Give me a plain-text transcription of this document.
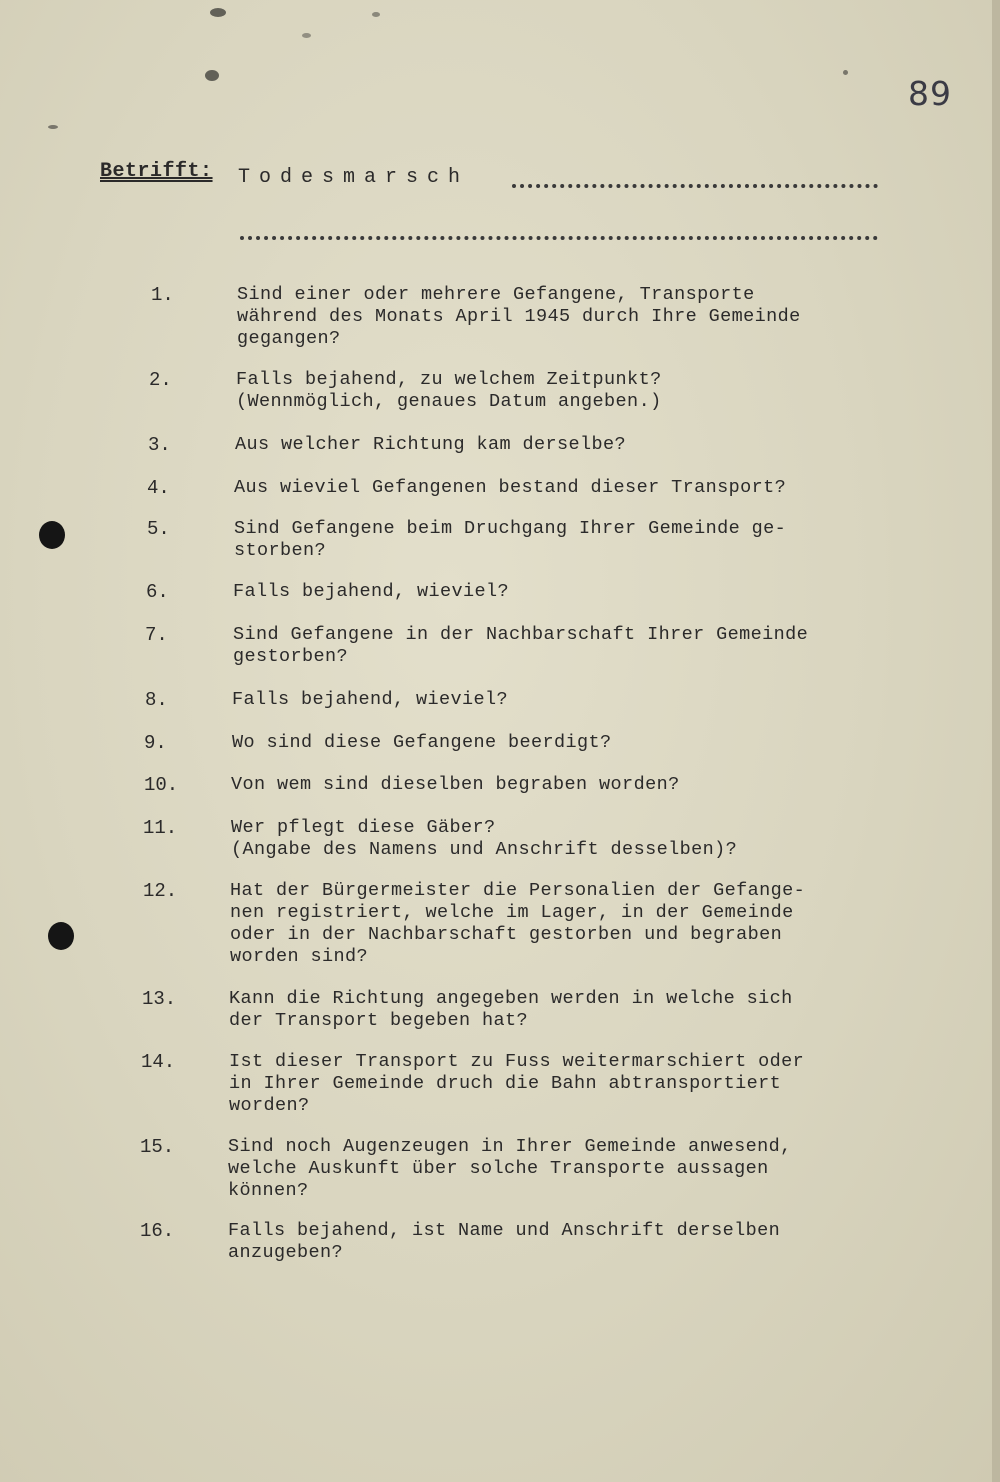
89
Betrifft: Todesmarsch
1.	Sind einer oder mehrere Gefangene, Transporte
während des Monats April 1945 durch Ihre Gemeinde
gegangen?
2.	Falls bejahend, zu welchem Zeitpunkt?
(Wennmöglich, genaues Datum angeben.)
3.	Aus welcher Richtung kam derselbe?
4.	Aus wieviel Gefangenen bestand dieser Transport?
5.	Sind Gefangene beim Druchgang Ihrer Gemeinde ge-
storben?
6.	Falls bejahend, wieviel?
7.	Sind Gefangene in der Nachbarschaft Ihrer Gemeinde
gestorben?
8.	Falls bejahend, wieviel?
9.	Wo sind diese Gefangene beerdigt?
10.	Von wem sind dieselben begraben worden?
11.	Wer pflegt diese Gäber?
(Angabe des Namens und Anschrift desselben)?
12.	Hat der Bürgermeister die Personalien der Gefange-
nen registriert, welche im Lager, in der Gemeinde
oder in der Nachbarschaft gestorben und begraben
worden sind?
13.	Kann die Richtung angegeben werden in welche sich
der Transport begeben hat?
14.	Ist dieser Transport zu Fuss weitermarschiert oder
in Ihrer Gemeinde druch die Bahn abtransportiert
worden?
15.	Sind noch Augenzeugen in Ihrer Gemeinde anwesend,
welche Auskunft über solche Transporte aussagen
können?
16.	Falls bejahend, ist Name und Anschrift derselben
anzugeben?
